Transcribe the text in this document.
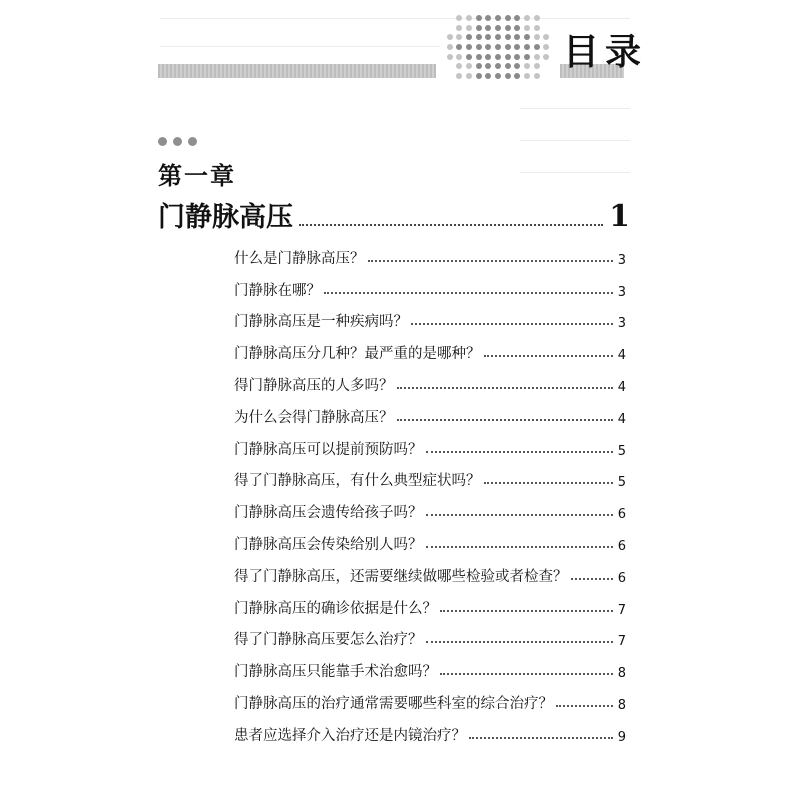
目录
第一章
门静脉高压	1
什么是门静脉高压？	3
门静脉在哪？	3
门静脉高压是一种疾病吗？	3
门静脉高压分几种？最严重的是哪种？	4
得门静脉高压的人多吗？	4
为什么会得门静脉高压？	4
门静脉高压可以提前预防吗？	5
得了门静脉高压，有什么典型症状吗？	5
门静脉高压会遗传给孩子吗？	6
门静脉高压会传染给别人吗？	6
得了门静脉高压，还需要继续做哪些检验或者检查？	6
门静脉高压的确诊依据是什么？	7
得了门静脉高压要怎么治疗？	7
门静脉高压只能靠手术治愈吗？	8
门静脉高压的治疗通常需要哪些科室的综合治疗？	8
患者应选择介入治疗还是内镜治疗？	9
